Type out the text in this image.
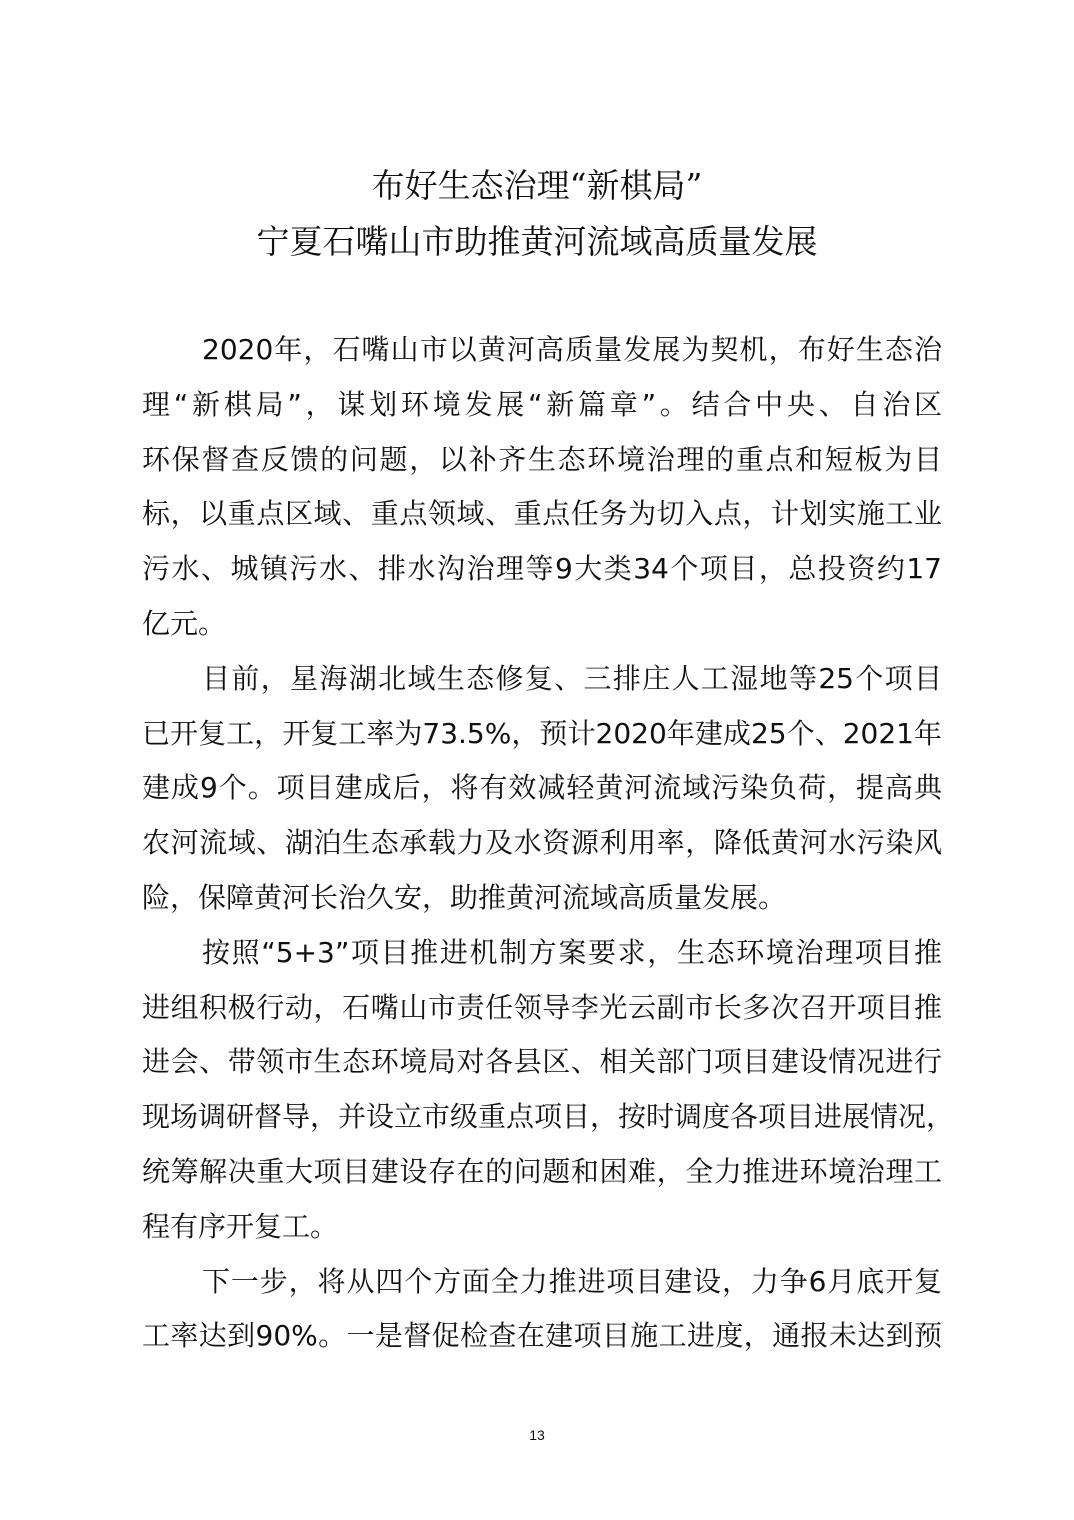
布好生态治理“新棋局”
宁夏石嘴山市助推黄河流域高质量发展
2020年，石嘴山市以黄河高质量发展为契机，布好生态治
理“新棋局”，谋划环境发展“新篇章”。结合中央、自治区
环保督查反馈的问题，以补齐生态环境治理的重点和短板为目
标，以重点区域、重点领域、重点任务为切入点，计划实施工业
污水、城镇污水、排水沟治理等9大类34个项目，总投资约17
亿元。
目前，星海湖北域生态修复、三排庄人工湿地等25个项目
已开复工，开复工率为73.5%，预计2020年建成25个、2021年
建成9个。项目建成后，将有效减轻黄河流域污染负荷，提高典
农河流域、湖泊生态承载力及水资源利用率，降低黄河水污染风
险，保障黄河长治久安，助推黄河流域高质量发展。
按照“5+3”项目推进机制方案要求，生态环境治理项目推
进组积极行动，石嘴山市责任领导李光云副市长多次召开项目推
进会、带领市生态环境局对各县区、相关部门项目建设情况进行
现场调研督导，并设立市级重点项目，按时调度各项目进展情况，
统筹解决重大项目建设存在的问题和困难，全力推进环境治理工
程有序开复工。
下一步，将从四个方面全力推进项目建设，力争6月底开复
工率达到90%。一是督促检查在建项目施工进度，通报未达到预
13
